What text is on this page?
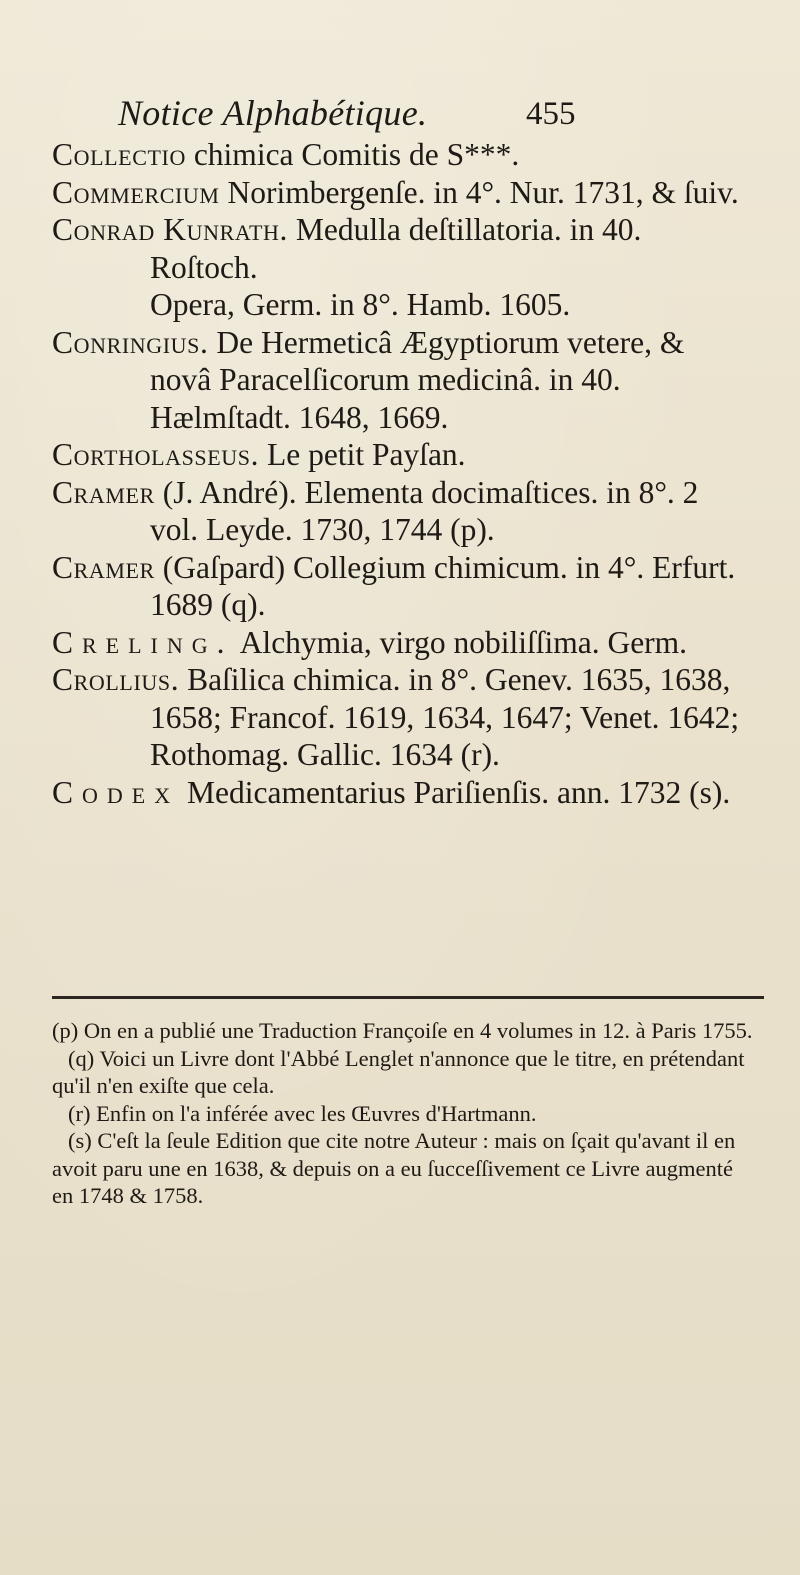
Notice Alphabétique.	455

Collectio chimica Comitis de S***.

Commercium Norimbergenſe. in 4°. Nur. 1731, & ſuiv.

Conrad Kunrath. Medulla deſtillatoria. in 40. Roſtoch.

Opera, Germ. in 8°. Hamb. 1605.

Conringius. De Hermeticâ Ægyptiorum vetere, & novâ Paracelſicorum medicinâ. in 40. Hælmſtadt. 1648, 1669.

Cortholasseus. Le petit Payſan.

Cramer (J. André). Elementa docimaſtices. in 8°. 2 vol. Leyde. 1730, 1744 (p).

Cramer (Gaſpard) Collegium chimicum. in 4°. Erfurt. 1689 (q).

Creling. Alchymia, virgo nobiliſſima. Germ.

Crollius. Baſilica chimica. in 8°. Genev. 1635, 1638, 1658; Francof. 1619, 1634, 1647; Venet. 1642; Rothomag. Gallic. 1634 (r).

Codex Medicamentarius Pariſienſis. ann. 1732 (s).

(p) On en a publié une Traduction Françoiſe en 4 volumes in 12. à Paris 1755.

(q) Voici un Livre dont l'Abbé Lenglet n'annonce que le titre, en prétendant qu'il n'en exiſte que cela.

(r) Enfin on l'a inférée avec les Œuvres d'Hartmann.

(s) C'eſt la ſeule Edition que cite notre Auteur : mais on ſçait qu'avant il en avoit paru une en 1638, & depuis on a eu ſucceſſivement ce Livre augmenté en 1748 & 1758.
